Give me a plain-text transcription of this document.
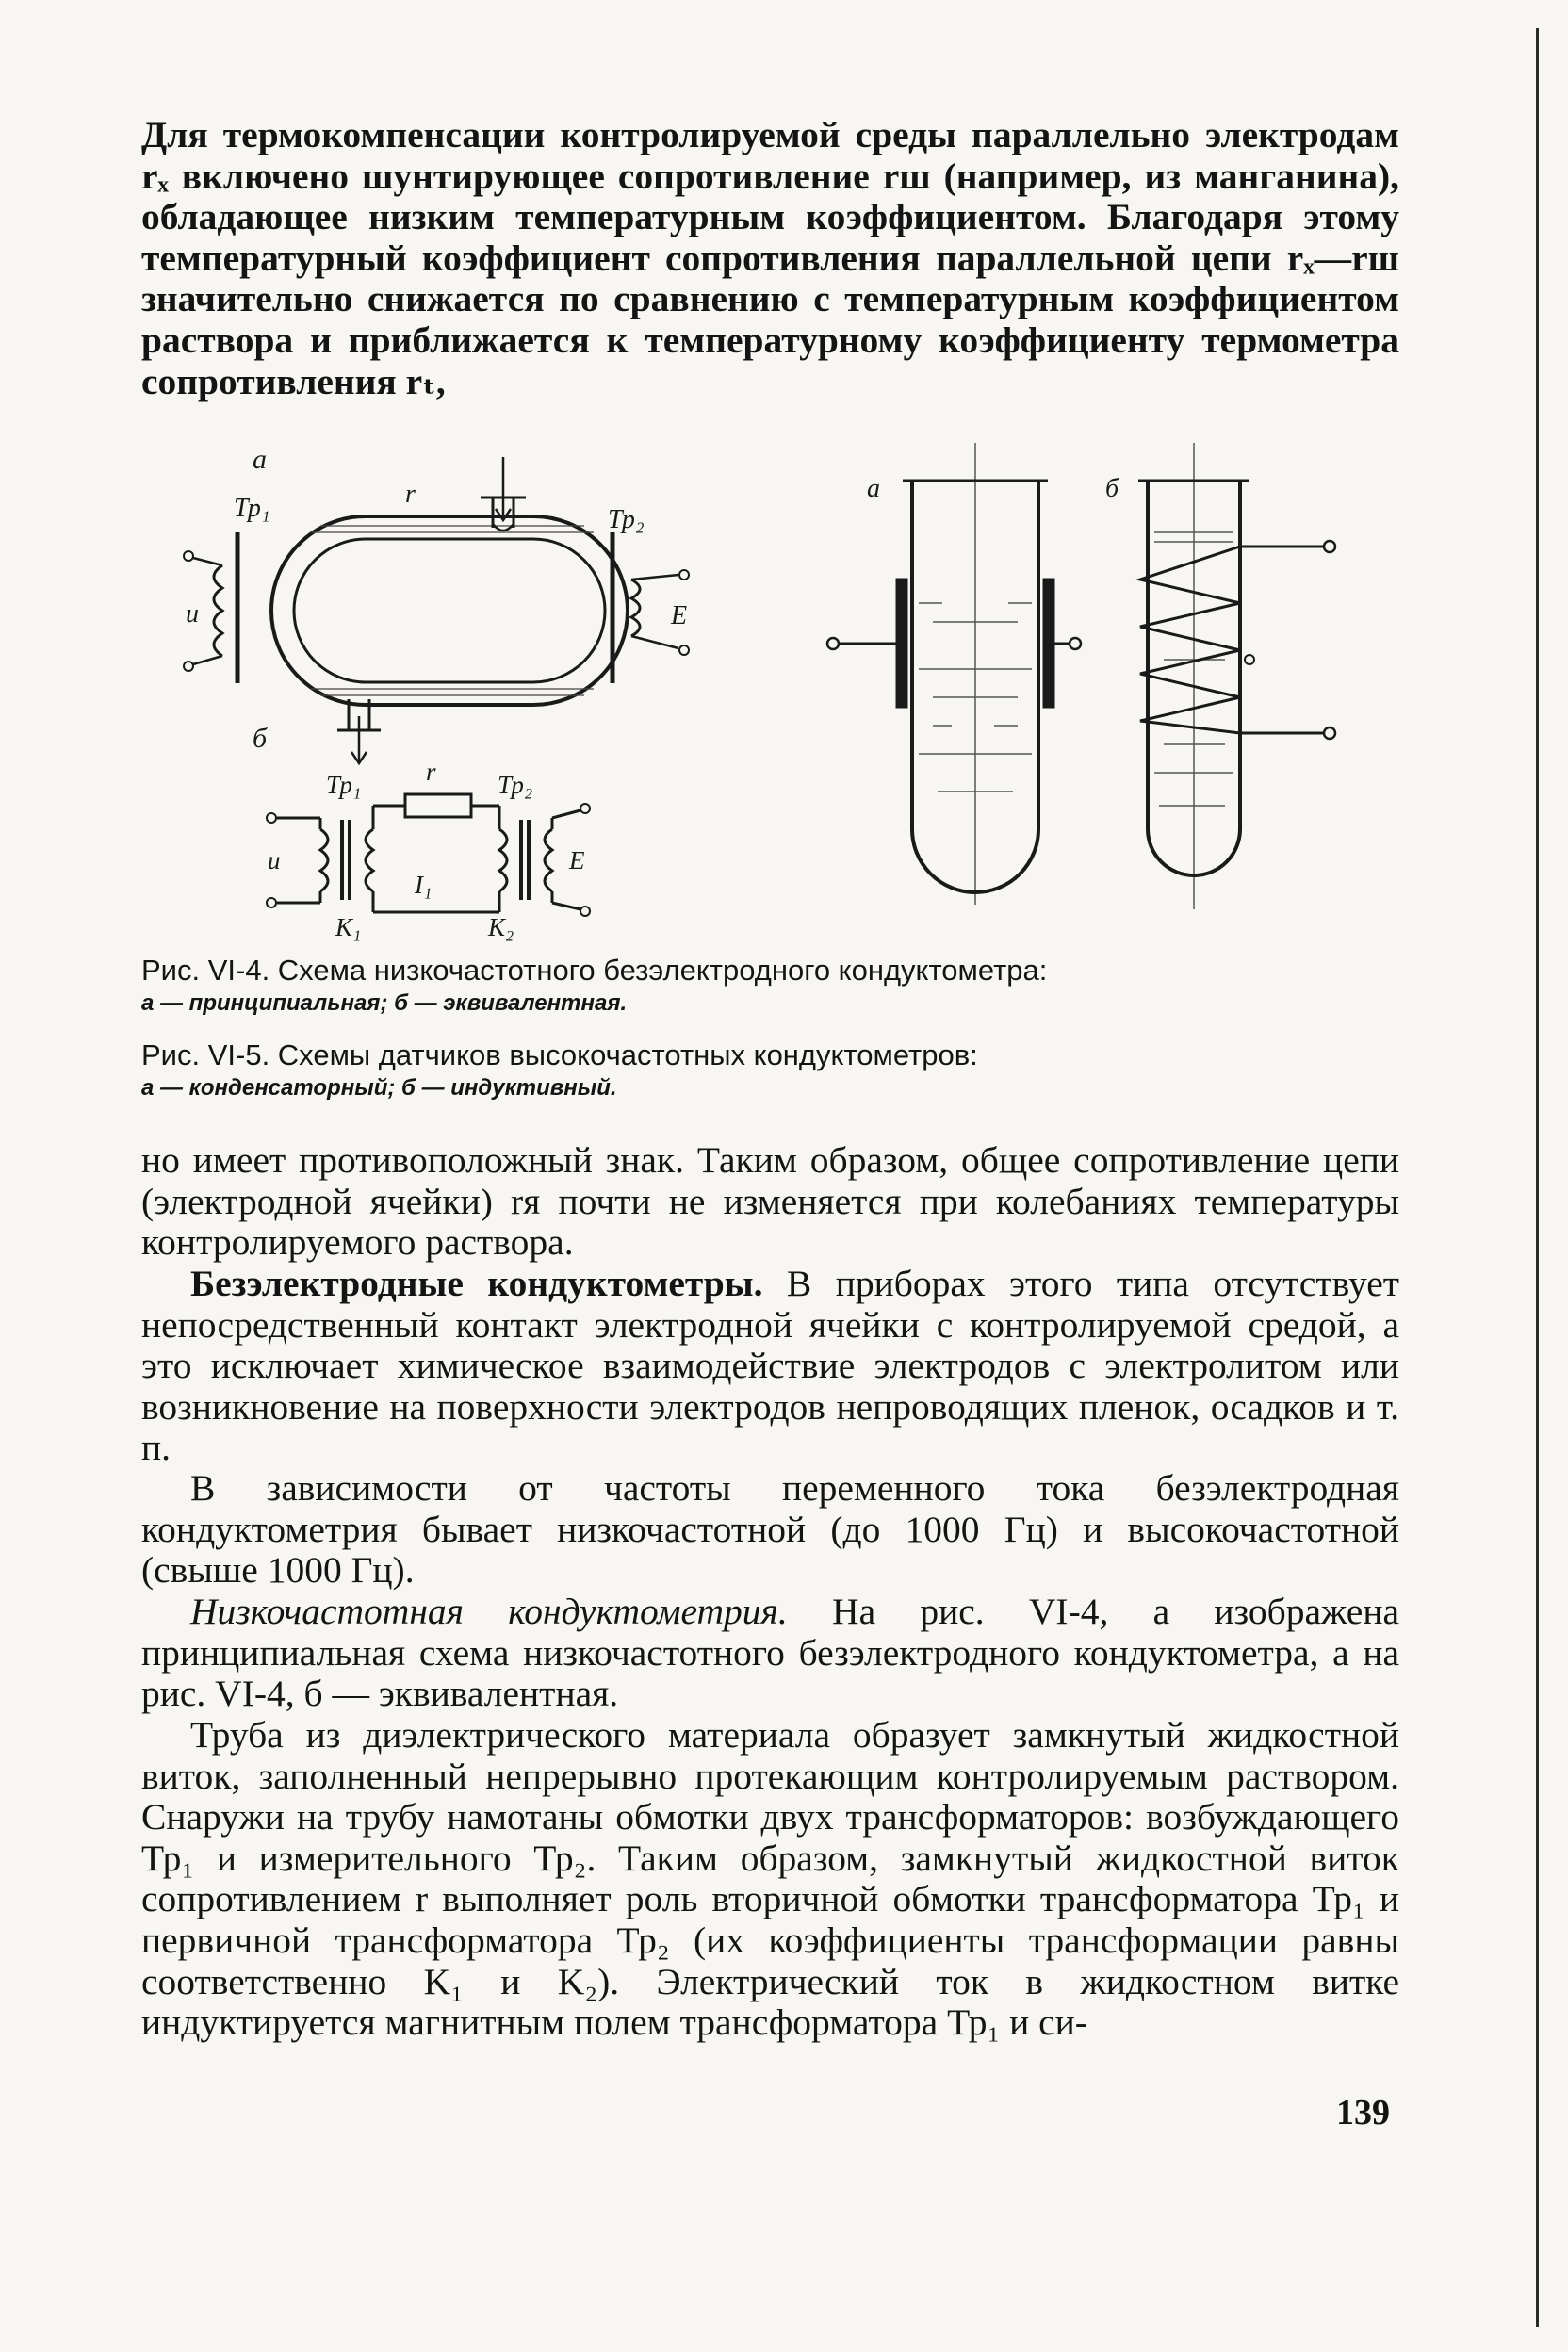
Для термокомпенсации контролируемой среды параллельно электродам rₓ включено шунтирующее сопротивление rш (например, из манганина), обладающее низким температурным коэффициентом. Благодаря этому температурный коэффициент сопротивления параллельной цепи rₓ—rш значительно снижается по сравнению с температурным коэффициентом раствора и приближается к температурному коэффициенту термометра сопротивления rₜ,

а
Тр₁	r
Тр₂
u	E
б
Тр₁	r Тр₂
u	E
I₁
К₁	К₂
а	б

Рис. VI-4. Схема низкочастотного безэлектродного кондуктометра:
а — принципиальная; б — эквивалентная.

Рис. VI-5. Схемы датчиков высокочастотных кондуктометров:
а — конденсаторный; б — индуктивный.

но имеет противоположный знак. Таким образом, общее сопротивление цепи (электродной ячейки) rя почти не изменяется при колебаниях температуры контролируемого раствора.

Безэлектродные кондуктометры. В приборах этого типа отсутствует непосредственный контакт электродной ячейки с контролируемой средой, а это исключает химическое взаимодействие электродов с электролитом или возникновение на поверхности электродов непроводящих пленок, осадков и т. п.

В зависимости от частоты переменного тока безэлектродная кондуктометрия бывает низкочастотной (до 1000 Гц) и высокочастотной (свыше 1000 Гц).

Низкочастотная кондуктометрия. На рис. VI-4, а изображена принципиальная схема низкочастотного безэлектродного кондуктометра, а на рис. VI-4, б — эквивалентная.

Труба из диэлектрического материала образует замкнутый жидкостной виток, заполненный непрерывно протекающим контролируемым раствором. Снаружи на трубу намотаны обмотки двух трансформаторов: возбуждающего Тр₁ и измерительного Тр₂. Таким образом, замкнутый жидкостной виток сопротивлением r выполняет роль вторичной обмотки трансформатора Тр₁ и первичной трансформатора Тр₂ (их коэффициенты трансформации равны соответственно K₁ и K₂). Электрический ток в жидкостном витке индуктируется магнитным полем трансформатора Тр₁ и си-

139
